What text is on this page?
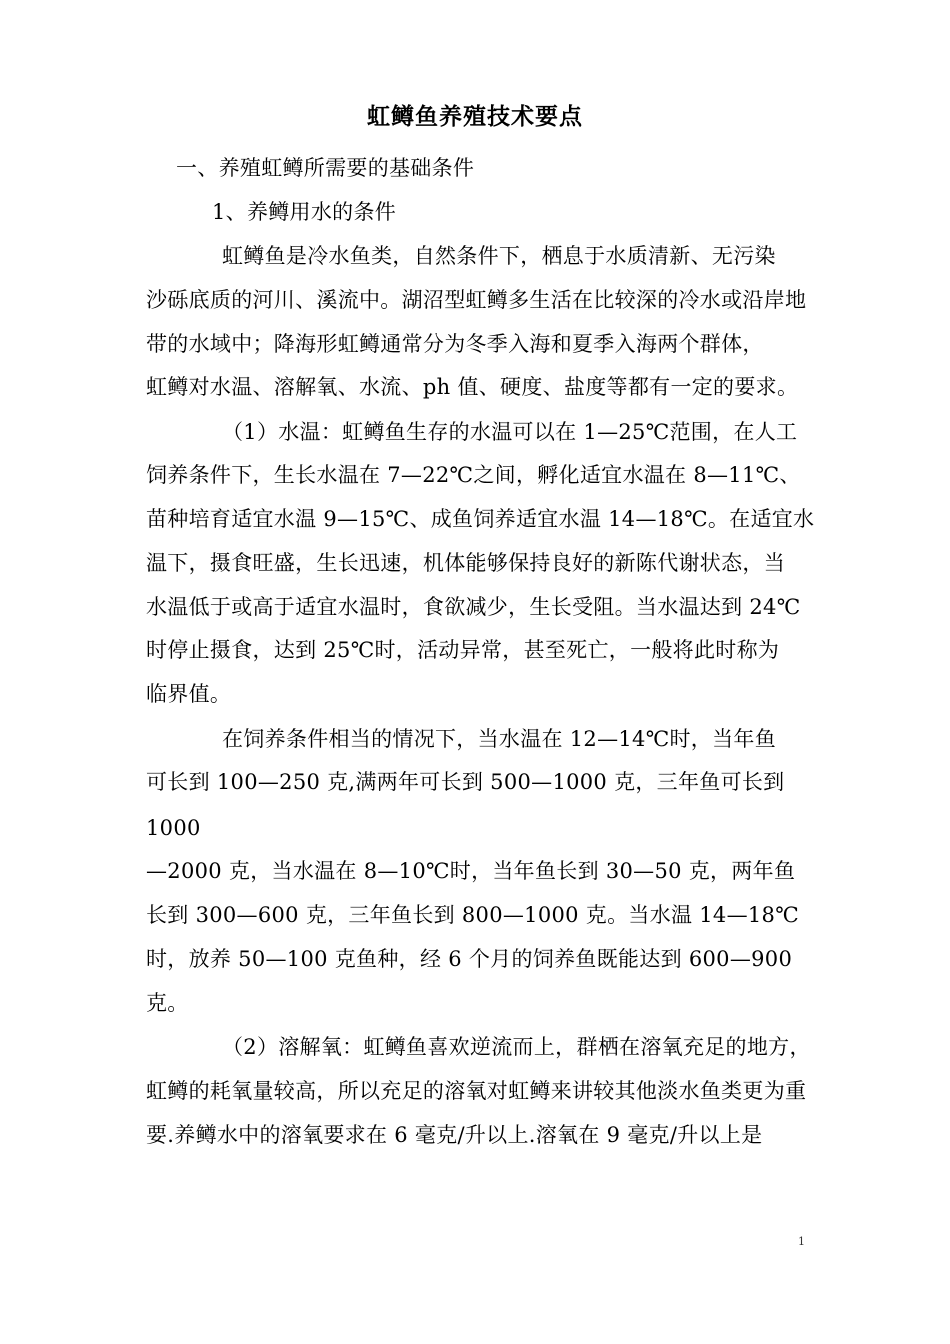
虹鳟鱼养殖技术要点
一、养殖虹鳟所需要的基础条件
1、养鳟用水的条件
虹鳟鱼是冷水鱼类，自然条件下，栖息于水质清新、无污染
沙砾底质的河川、溪流中。湖沼型虹鳟多生活在比较深的冷水或沿岸地
带的水域中；降海形虹鳟通常分为冬季入海和夏季入海两个群体，
虹鳟对水温、溶解氧、水流、ph 值、硬度、盐度等都有一定的要求。
（1）水温：虹鳟鱼生存的水温可以在 1—25℃范围，在人工
饲养条件下，生长水温在 7—22℃之间，孵化适宜水温在 8—11℃、
苗种培育适宜水温 9—15℃、成鱼饲养适宜水温 14—18℃。在适宜水
温下，摄食旺盛，生长迅速，机体能够保持良好的新陈代谢状态，当
水温低于或高于适宜水温时，食欲减少，生长受阻。当水温达到 24℃
时停止摄食，达到 25℃时，活动异常，甚至死亡，一般将此时称为
临界值。
在饲养条件相当的情况下，当水温在 12—14℃时，当年鱼
可长到 100—250 克,满两年可长到 500—1000 克，三年鱼可长到
1000
—2000 克，当水温在 8—10℃时，当年鱼长到 30—50 克，两年鱼
长到 300—600 克，三年鱼长到 800—1000 克。当水温 14—18℃
时，放养 50—100 克鱼种，经 6 个月的饲养鱼既能达到 600—900
克。
（2）溶解氧：虹鳟鱼喜欢逆流而上，群栖在溶氧充足的地方，
虹鳟的耗氧量较高，所以充足的溶氧对虹鳟来讲较其他淡水鱼类更为重
要.养鳟水中的溶氧要求在 6 毫克/升以上.溶氧在 9 毫克/升以上是
1
